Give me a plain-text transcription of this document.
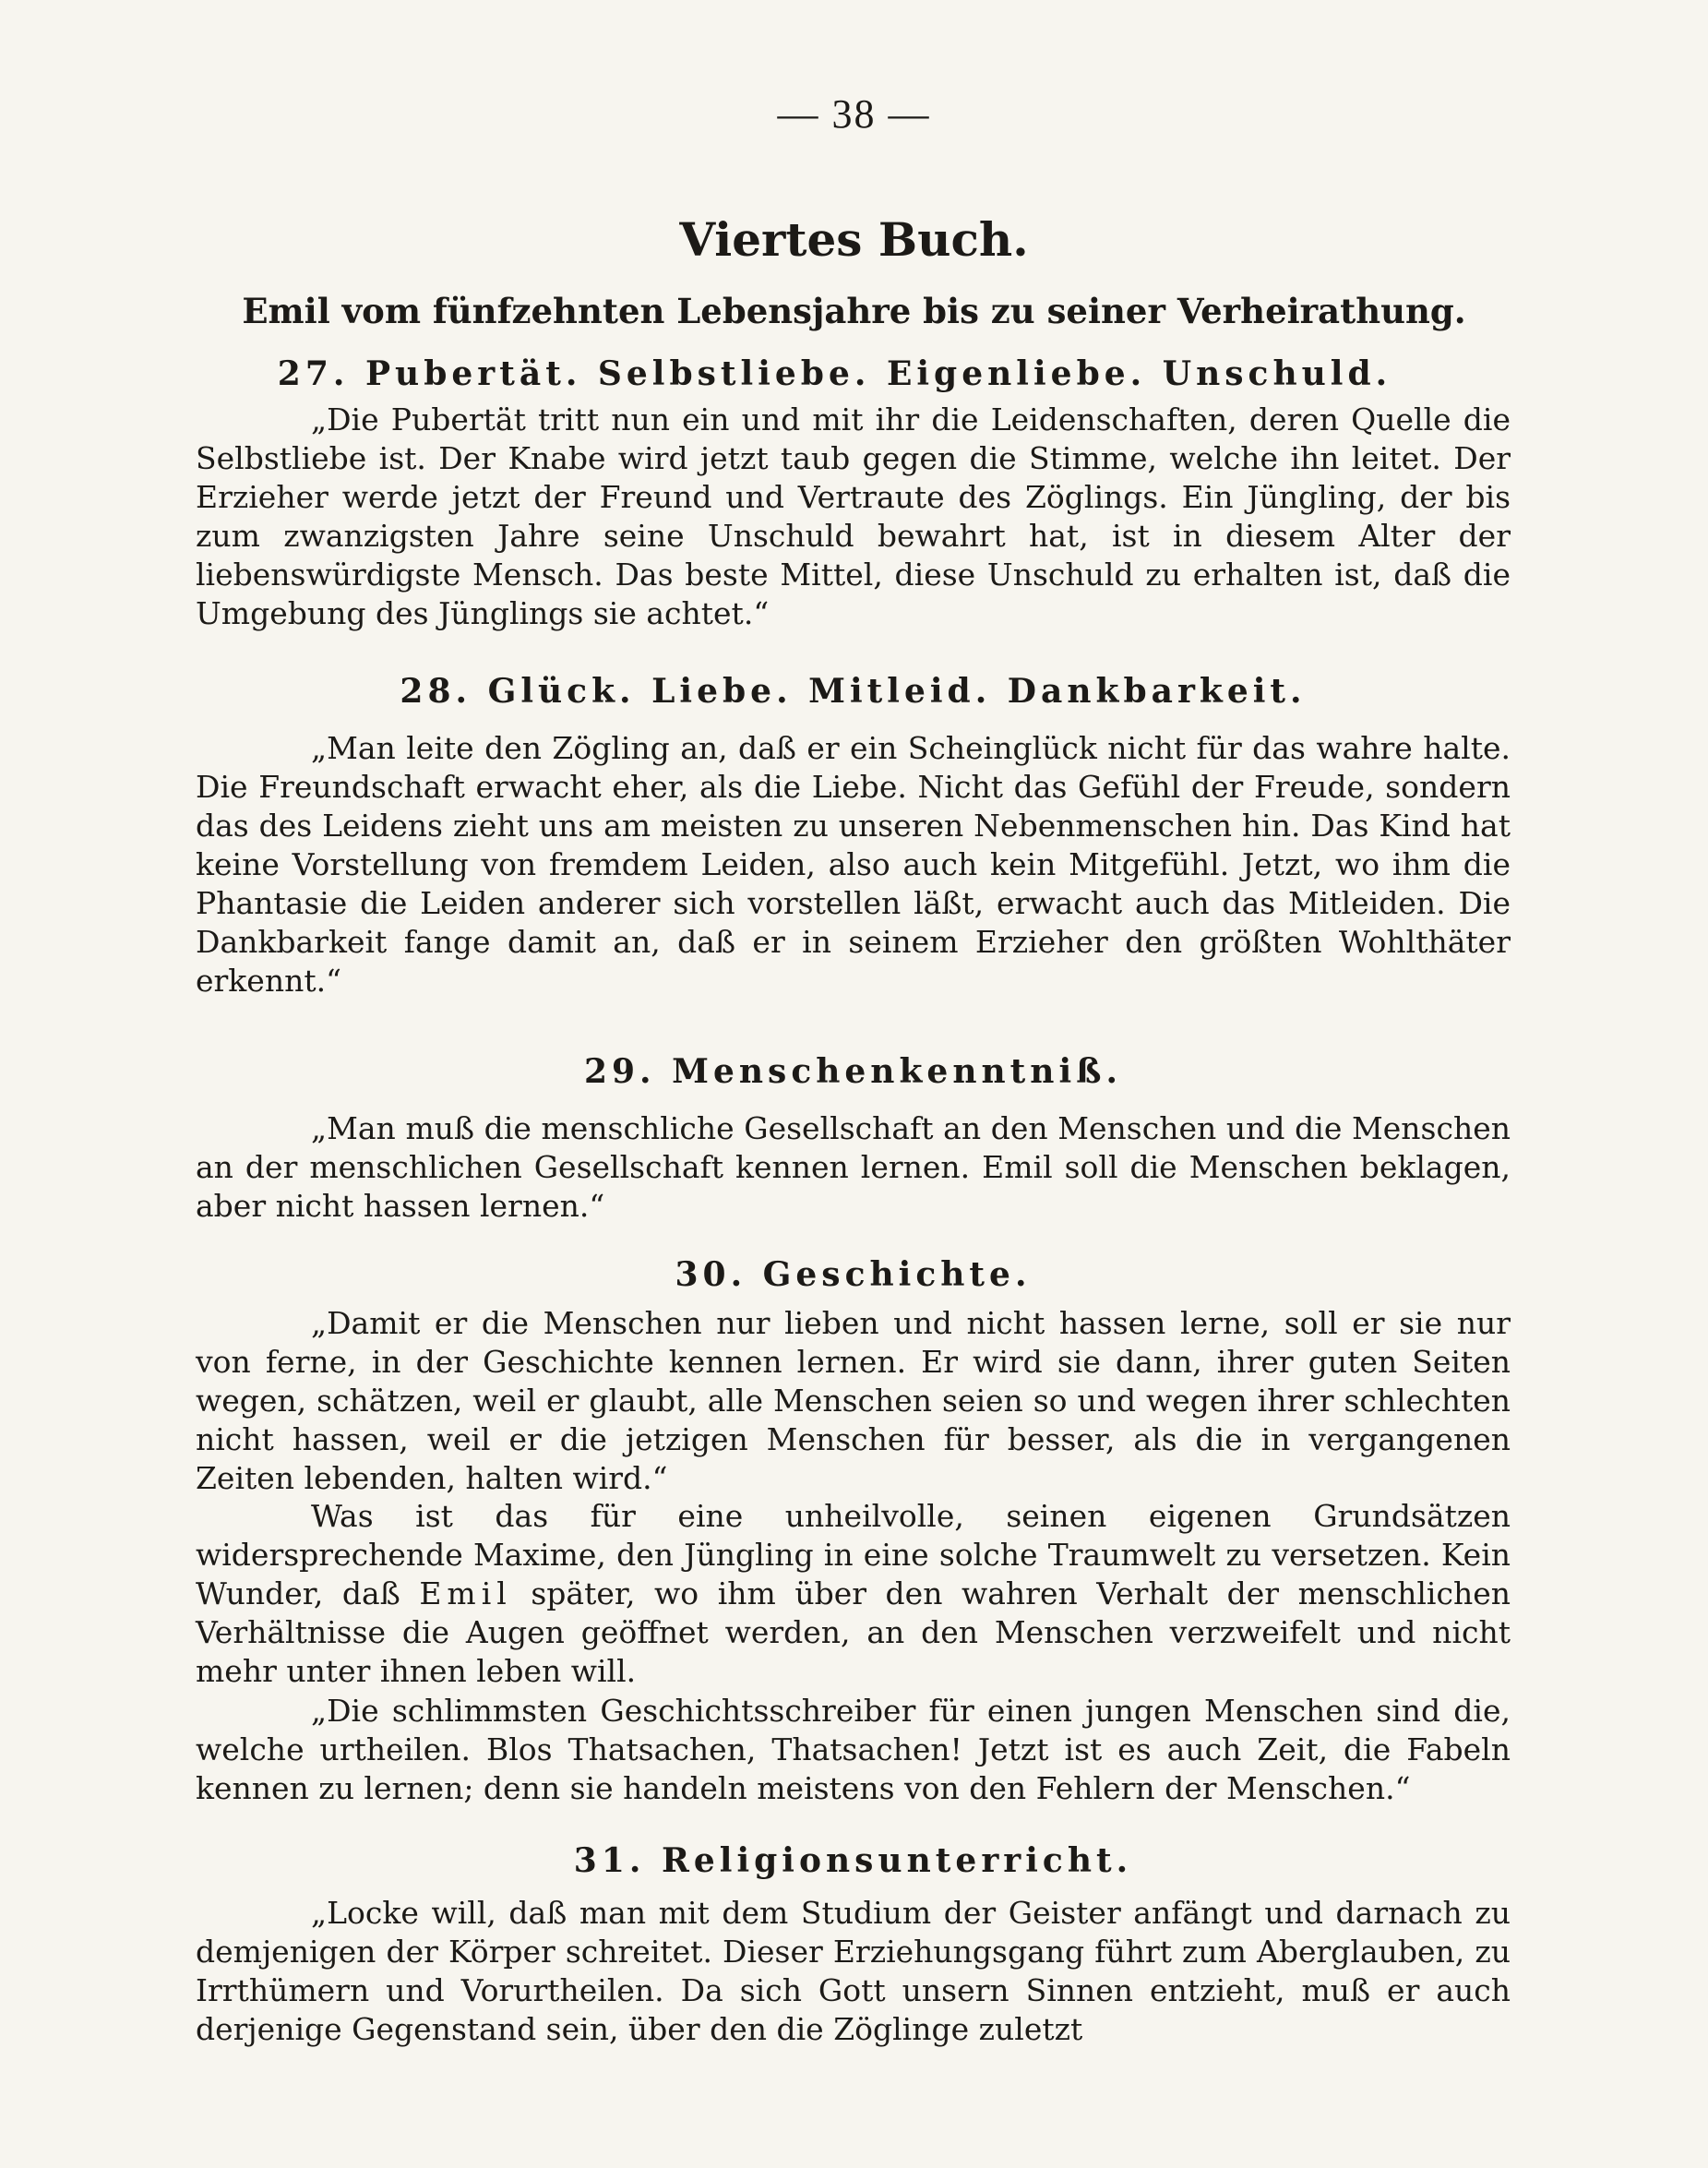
— 38 —
Viertes Buch.
Emil vom fünfzehnten Lebensjahre bis zu seiner Verheirathung.
27. Pubertät. Selbstliebe. Eigenliebe. Unschuld.

„Die Pubertät tritt nun ein und mit ihr die Leidenschaften, deren Quelle die Selbstliebe ist. Der Knabe wird jetzt taub gegen die Stimme, welche ihn leitet. Der Erzieher werde jetzt der Freund und Vertraute des Zöglings. Ein Jüngling, der bis zum zwanzigsten Jahre seine Unschuld bewahrt hat, ist in diesem Alter der liebenswürdigste Mensch. Das beste Mittel, diese Unschuld zu erhalten ist, daß die Umgebung des Jünglings sie achtet.“

28. Glück. Liebe. Mitleid. Dankbarkeit.

„Man leite den Zögling an, daß er ein Scheinglück nicht für das wahre halte. Die Freundschaft erwacht eher, als die Liebe. Nicht das Gefühl der Freude, sondern das des Leidens zieht uns am meisten zu unseren Nebenmenschen hin. Das Kind hat keine Vorstellung von fremdem Leiden, also auch kein Mitgefühl. Jetzt, wo ihm die Phantasie die Leiden anderer sich vorstellen läßt, erwacht auch das Mitleiden. Die Dankbarkeit fange damit an, daß er in seinem Erzieher den größten Wohlthäter erkennt.“

29. Menschenkenntniß.

„Man muß die menschliche Gesellschaft an den Menschen und die Menschen an der menschlichen Gesellschaft kennen lernen. Emil soll die Menschen beklagen, aber nicht hassen lernen.“

30. Geschichte.

„Damit er die Menschen nur lieben und nicht hassen lerne, soll er sie nur von ferne, in der Geschichte kennen lernen. Er wird sie dann, ihrer guten Seiten wegen, schätzen, weil er glaubt, alle Menschen seien so und wegen ihrer schlechten nicht hassen, weil er die jetzigen Menschen für besser, als die in vergangenen Zeiten lebenden, halten wird.“

Was ist das für eine unheilvolle, seinen eigenen Grundsätzen widersprechende Maxime, den Jüngling in eine solche Traumwelt zu versetzen. Kein Wunder, daß Emil später, wo ihm über den wahren Verhalt der menschlichen Verhältnisse die Augen geöffnet werden, an den Menschen verzweifelt und nicht mehr unter ihnen leben will.

„Die schlimmsten Geschichtsschreiber für einen jungen Menschen sind die, welche urtheilen. Blos Thatsachen, Thatsachen! Jetzt ist es auch Zeit, die Fabeln kennen zu lernen; denn sie handeln meistens von den Fehlern der Menschen.“

31. Religionsunterricht.

„Locke will, daß man mit dem Studium der Geister anfängt und darnach zu demjenigen der Körper schreitet. Dieser Erziehungsgang führt zum Aberglauben, zu Irrthümern und Vorurtheilen. Da sich Gott unsern Sinnen entzieht, muß er auch derjenige Gegenstand sein, über den die Zöglinge zuletzt
